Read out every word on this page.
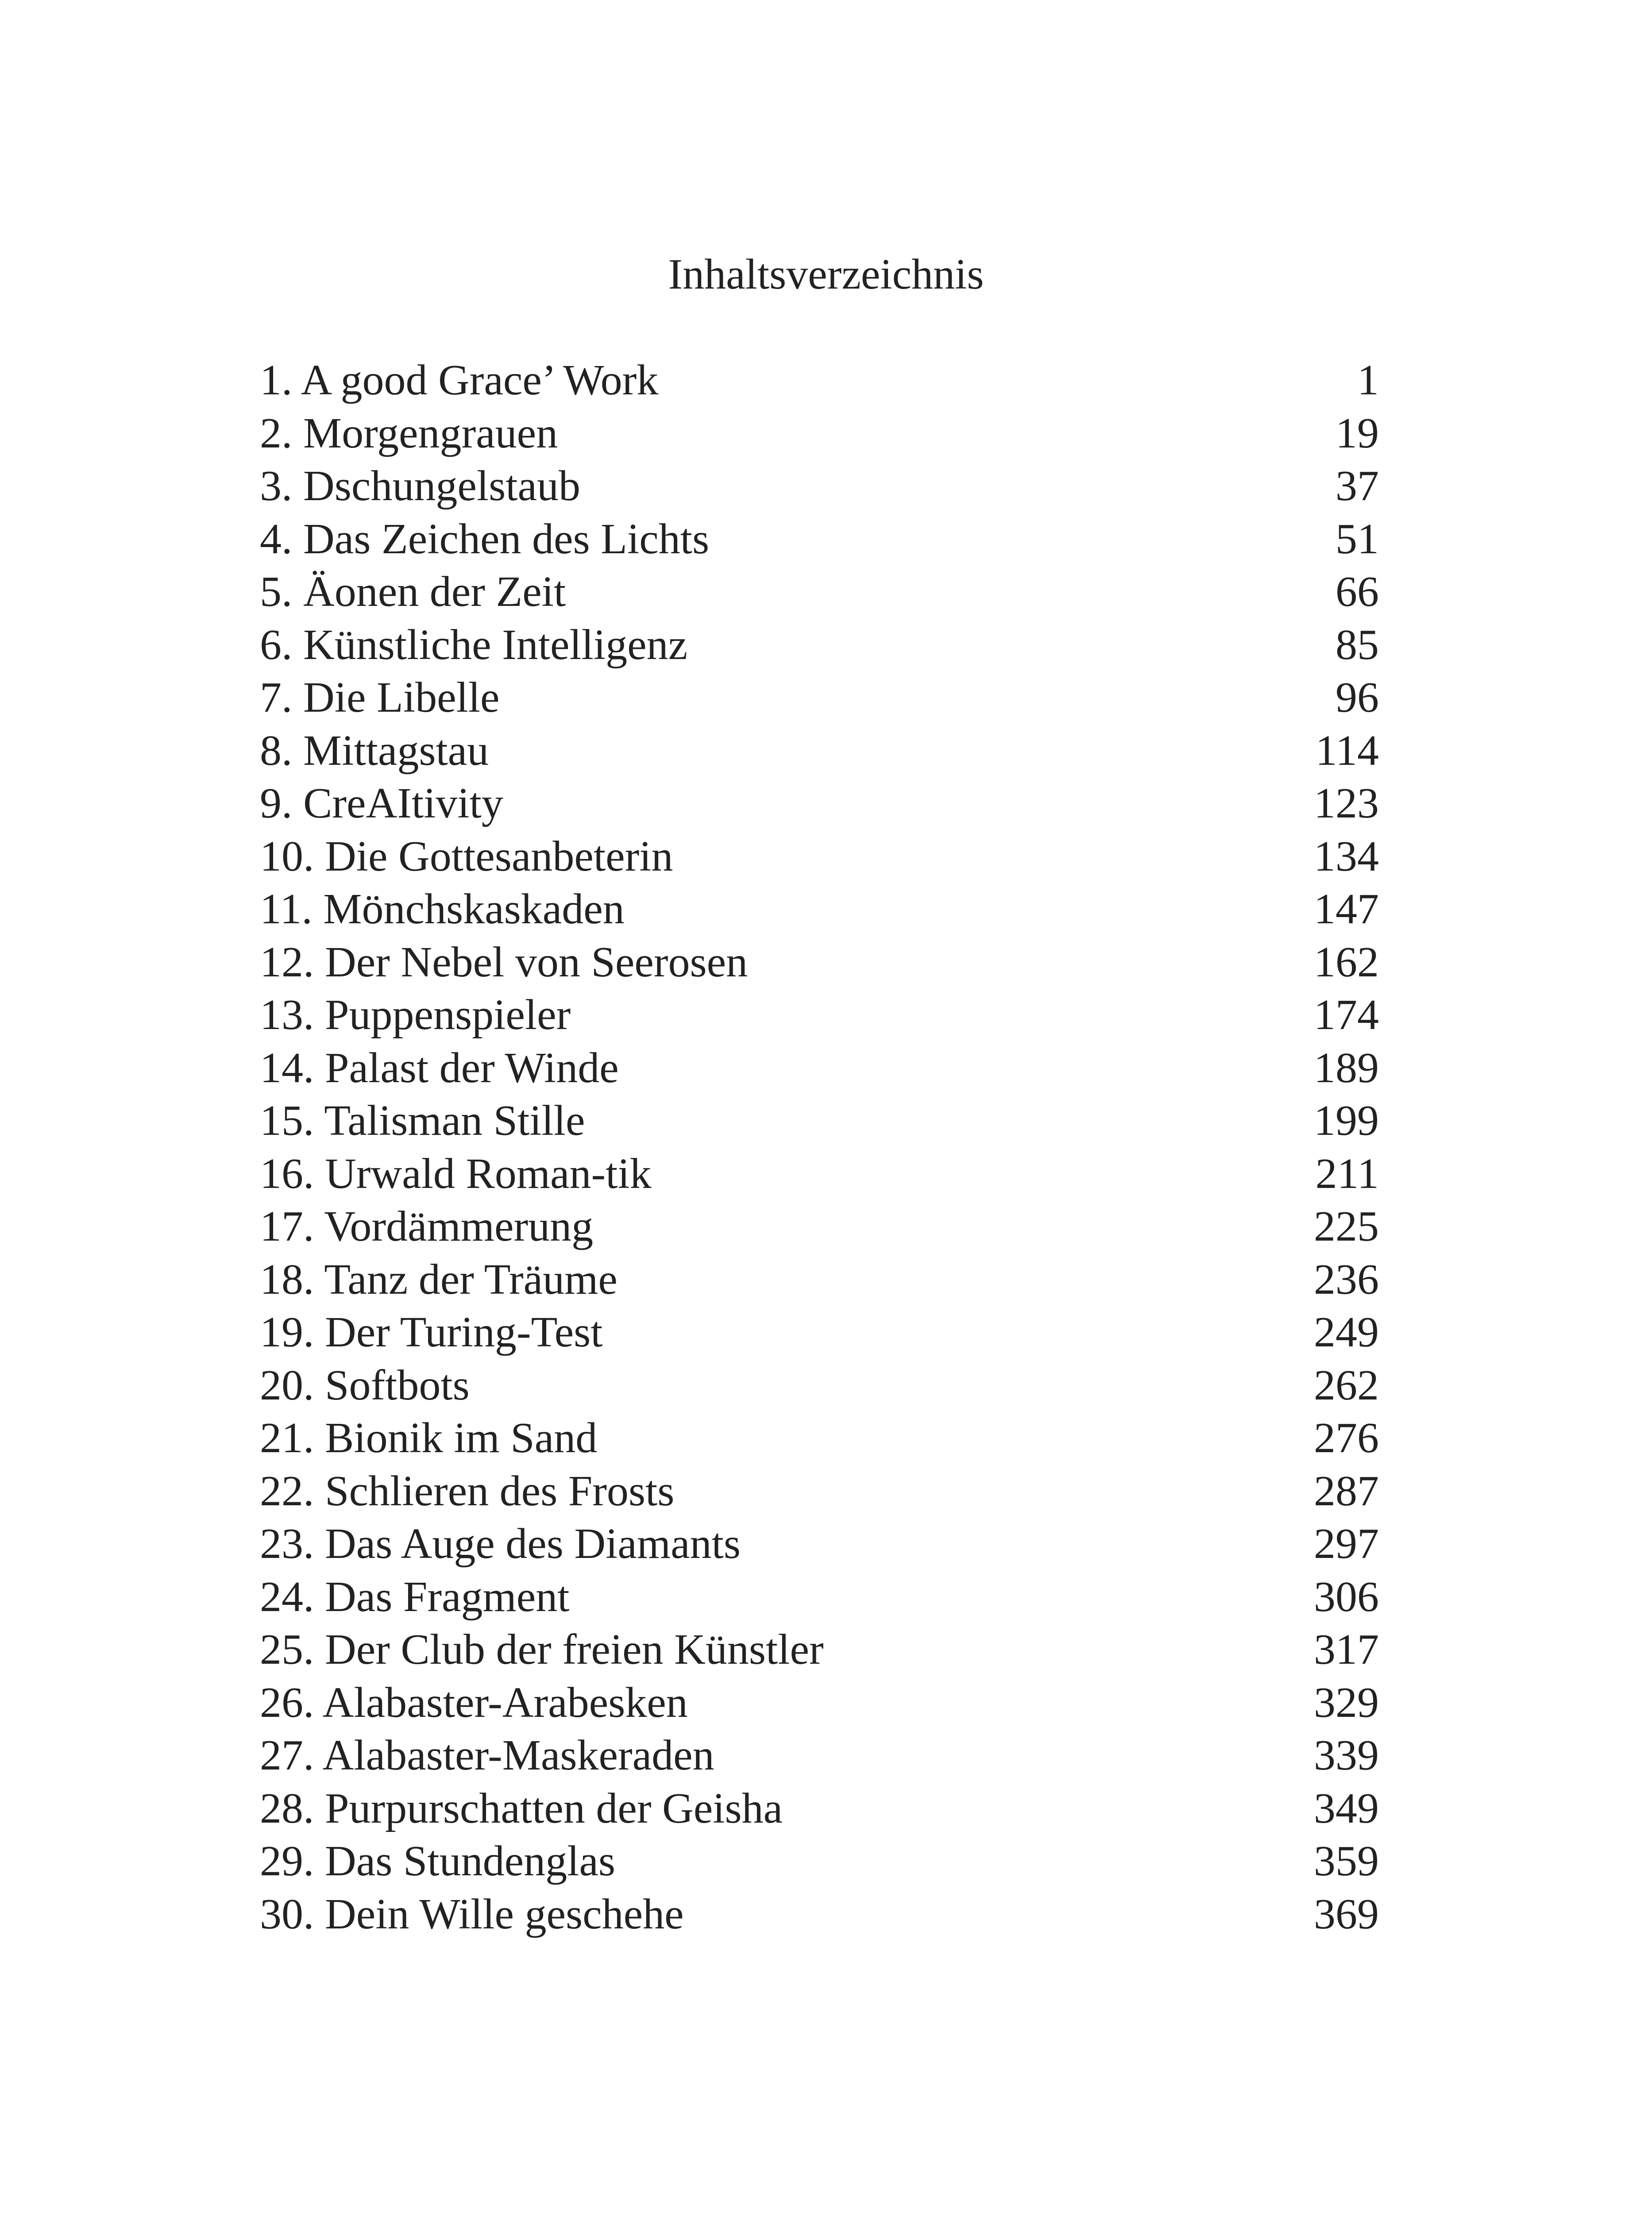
Inhaltsverzeichnis
1. A good Grace’ Work	1
2. Morgengrauen	19
3. Dschungelstaub	37
4. Das Zeichen des Lichts	51
5. Äonen der Zeit	66
6. Künstliche Intelligenz	85
7. Die Libelle	96
8. Mittagstau	114
9. CreAItivity	123
10. Die Gottesanbeterin	134
11. Mönchskaskaden	147
12. Der Nebel von Seerosen	162
13. Puppenspieler	174
14. Palast der Winde	189
15. Talisman Stille	199
16. Urwald Roman-tik	211
17. Vordämmerung	225
18. Tanz der Träume	236
19. Der Turing-Test	249
20. Softbots	262
21. Bionik im Sand	276
22. Schlieren des Frosts	287
23. Das Auge des Diamants	297
24. Das Fragment	306
25. Der Club der freien Künstler	317
26. Alabaster-Arabesken	329
27. Alabaster-Maskeraden	339
28. Purpurschatten der Geisha	349
29. Das Stundenglas	359
30. Dein Wille geschehe	369
